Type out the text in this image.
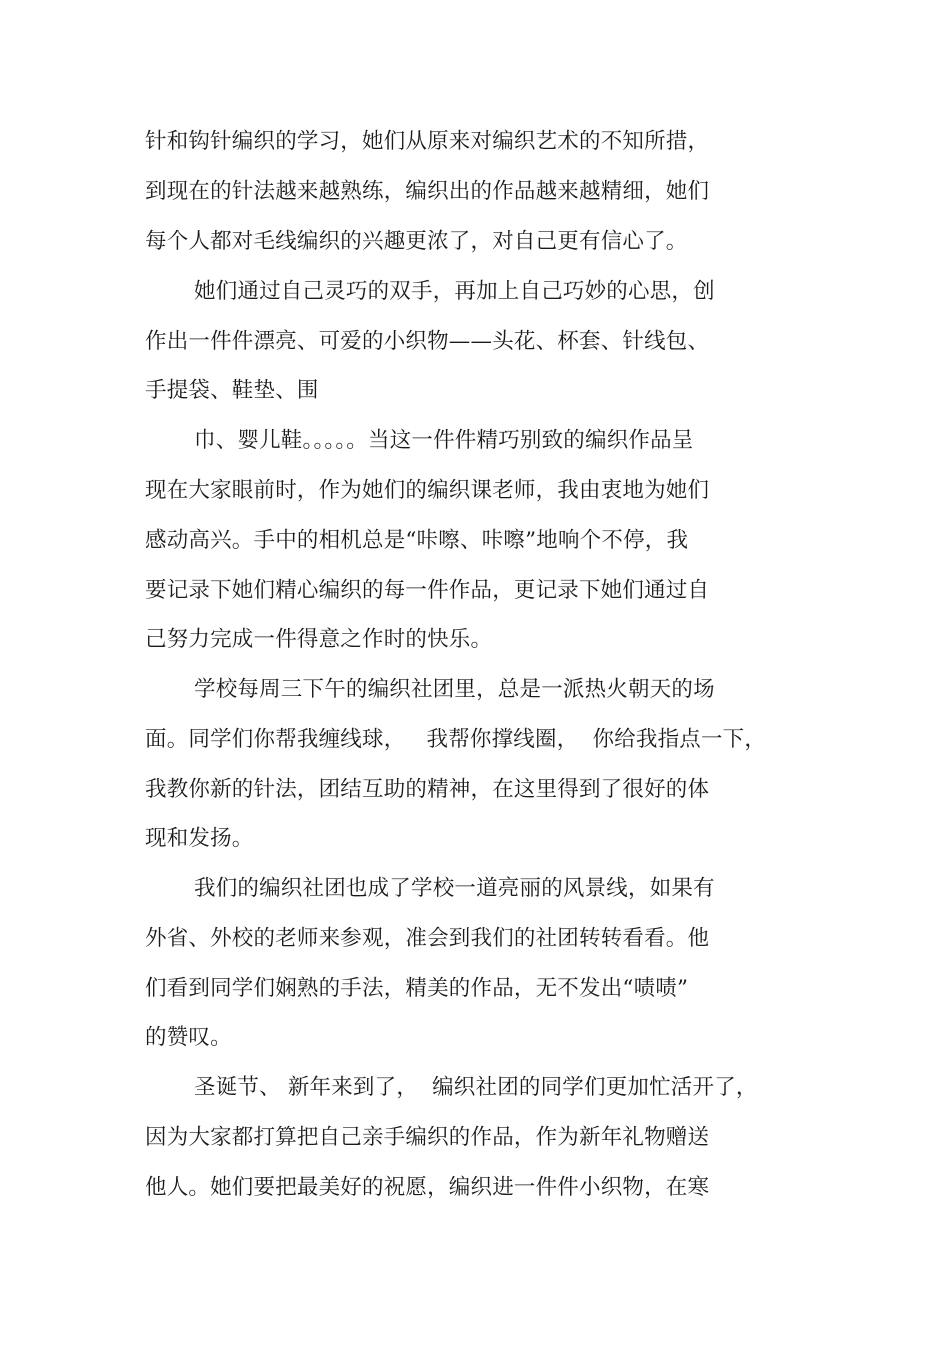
针和钩针编织的学习，她们从原来对编织艺术的不知所措，
到现在的针法越来越熟练，编织出的作品越来越精细，她们
每个人都对毛线编织的兴趣更浓了，对自己更有信心了。
她们通过自己灵巧的双手，再加上自己巧妙的心思，创
作出一件件漂亮、可爱的小织物——头花、杯套、针线包、
手提袋、鞋垫、围
巾、婴儿鞋。。。。。当这一件件精巧别致的编织作品呈
现在大家眼前时，作为她们的编织课老师，我由衷地为她们
感动高兴。手中的相机总是“咔嚓、咔嚓”地响个不停，我
要记录下她们精心编织的每一件作品，更记录下她们通过自
己努力完成一件得意之作时的快乐。
学校每周三下午的编织社团里，总是一派热火朝天的场
面。同学们你帮我缠线球，   我帮你撑线圈，  你给我指点一下，
我教你新的针法，团结互助的精神，在这里得到了很好的体
现和发扬。
我们的编织社团也成了学校一道亮丽的风景线，如果有
外省、外校的老师来参观，准会到我们的社团转转看看。他
们看到同学们娴熟的手法，精美的作品，无不发出“啧啧”
的赞叹。
圣诞节、 新年来到了，  编织社团的同学们更加忙活开了，
因为大家都打算把自己亲手编织的作品，作为新年礼物赠送
他人。她们要把最美好的祝愿，编织进一件件小织物，在寒
